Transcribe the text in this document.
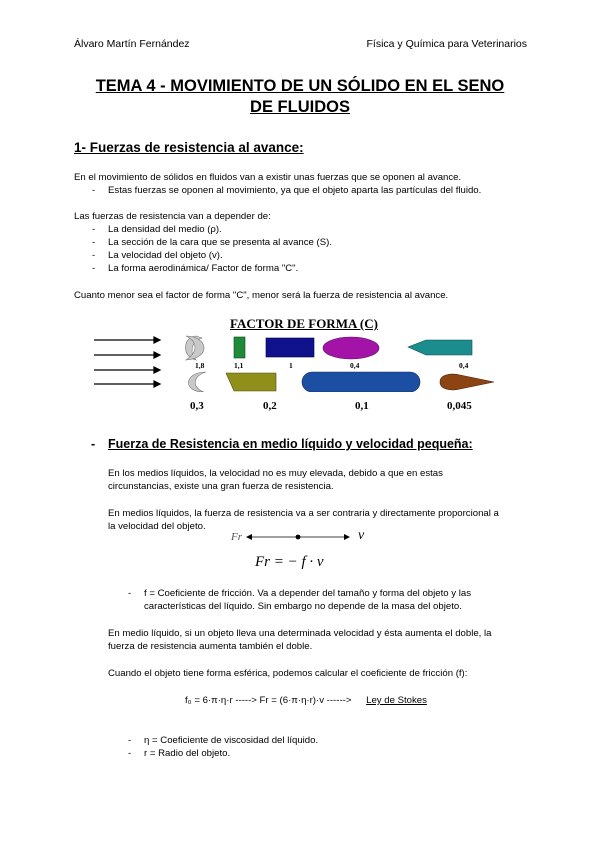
Álvaro Martín Fernández	Física y Química para Veterinarios
TEMA 4 - MOVIMIENTO DE UN SÓLIDO EN EL SENO
DE FLUIDOS
1- Fuerzas de resistencia al avance:
En el movimiento de sólidos en fluidos van a existir unas fuerzas que se oponen al avance.
- Estas fuerzas se oponen al movimiento, ya que el objeto aparta las partículas del fluido.
Las fuerzas de resistencia van a depender de:
- La densidad del medio (ρ).
- La sección de la cara que se presenta al avance (S).
- La velocidad del objeto (v).
- La forma aerodinámica/ Factor de forma "C".
Cuanto menor sea el factor de forma "C", menor será la fuerza de resistencia al avance.
FACTOR DE FORMA (C)
1,8	1,1	1	0,4	0,4
0,3	0,2	0,1	0,045
- Fuerza de Resistencia en medio líquido y velocidad pequeña:
En los medios líquidos, la velocidad no es muy elevada, debido a que en estas
circunstancias, existe una gran fuerza de resistencia.
En medios líquidos, la fuerza de resistencia va a ser contraria y directamente proporcional a
la velocidad del objeto.
Fr	v
Fr = − f · v
- f = Coeficiente de fricción. Va a depender del tamaño y forma del objeto y las
características del líquido. Sin embargo no depende de la masa del objeto.
En medio líquido, si un objeto lleva una determinada velocidad y ésta aumenta el doble, la
fuerza de resistencia aumenta también el doble.
Cuando el objeto tiene forma esférica, podemos calcular el coeficiente de fricción (f):
f₀ = 6·π·η·r -----> Fr = (6·π·η·r)·v ------> Ley de Stokes
- η = Coeficiente de viscosidad del líquido.
- r = Radio del objeto.
